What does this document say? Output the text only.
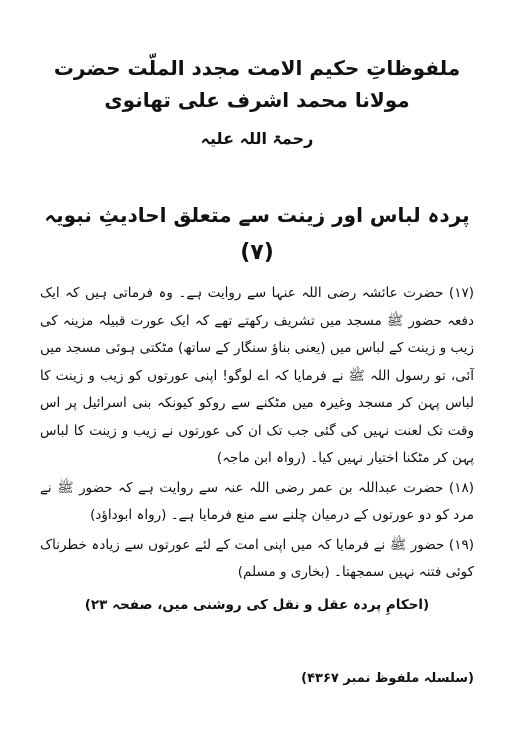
ملفوظاتِ حکیم الامت مجدد الملّت حضرت مولانا محمد اشرف علی تھانوی
رحمۃ اللہ علیہ
پردہ لباس اور زینت سے متعلق احادیثِ نبویہ
(۷)

(۱۷) حضرت عائشہ رضی اللہ عنہا سے روایت ہے۔ وہ فرماتی ہیں کہ ایک دفعہ حضور ﷺ مسجد میں تشریف رکھتے تھے کہ ایک عورت قبیلہ مزینہ کی زیب و زینت کے لباس میں (یعنی بناؤ سنگار کے ساتھ) مٹکتی ہوئی مسجد میں آئی، تو رسول اللہ ﷺ نے فرمایا کہ اے لوگو! اپنی عورتوں کو زیب و زینت کا لباس پہن کر مسجد وغیرہ میں مٹکنے سے روکو کیونکہ بنی اسرائیل پر اس وقت تک لعنت نہیں کی گئی جب تک ان کی عورتوں نے زیب و زینت کا لباس پہن کر مٹکنا اختیار نہیں کیا۔ (رواہ ابن ماجہ)

(۱۸) حضرت عبداللہ بن عمر رضی اللہ عنہ سے روایت ہے کہ حضور ﷺ نے مرد کو دو عورتوں کے درمیان چلنے سے منع فرمایا ہے۔ (رواہ ابوداؤد)

(۱۹) حضور ﷺ نے فرمایا کہ میں اپنی امت کے لئے عورتوں سے زیادہ خطرناک کوئی فتنہ نہیں سمجھتا۔ (بخاری و مسلم)

(احکامِ پردہ عقل و نقل کی روشنی میں، صفحہ ۲۳)
(سلسلہ ملفوظ نمبر ۴۳۶۷)
